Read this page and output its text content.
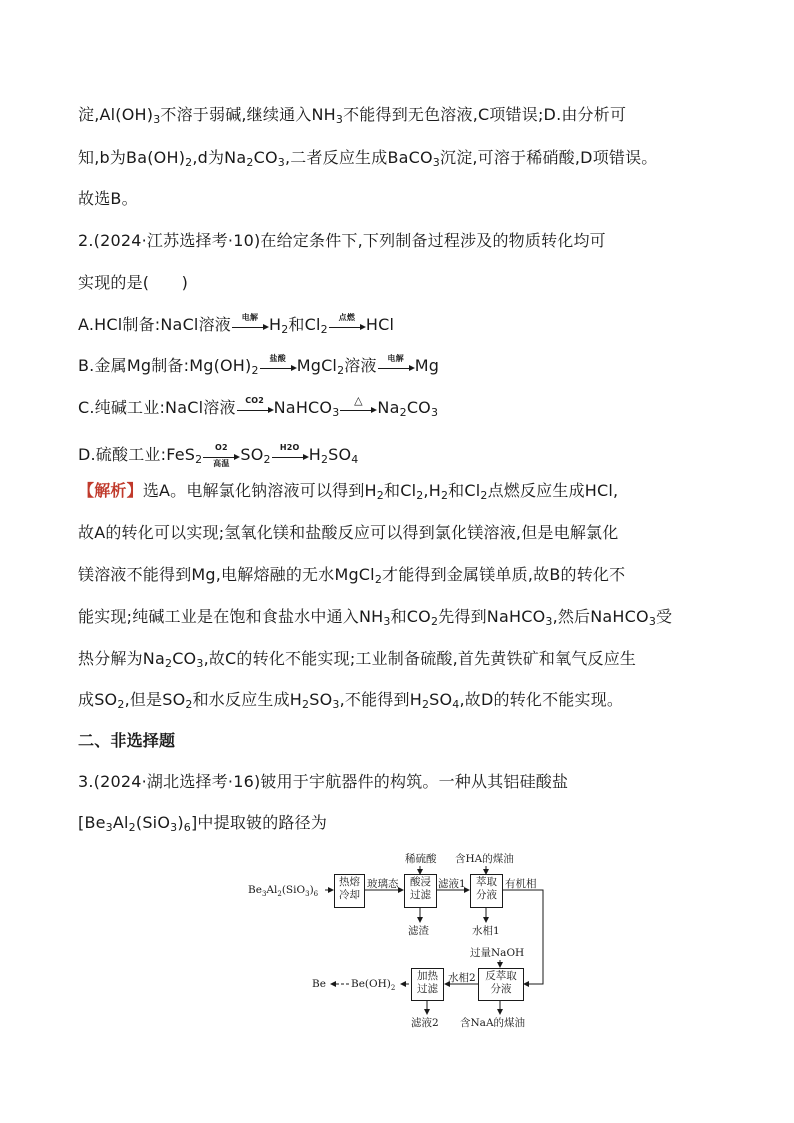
淀$,Al(OH)_3$不溶于弱碱,继续通入$NH_3$不能得到无色溶液,C项错误;D.由分析可
知,b为$Ba(OH)_2,d$为$Na_2CO_3$,二者反应生成BaCO$_3$沉淀,可溶于稀硝酸,D项错误。
故选B。
2.(2024·江苏选择考·10)在给定条件下,下列制备过程涉及的物质转化均可
实现的是(　　)
A.HCl制备:NaCl溶液	电解 $H_2$和$Cl_2$
点燃 HCl
B.金属Mg制备$:Mg(OH)_2$
盐酸 MgCl$_2$溶液	电解 Mg
C.纯碱工业:NaCl溶液	CO2 NaHCO$_3$
△ $Na_2CO_3$
D.硫酸工业:FeS$_2$
O2
高温 $SO_2$
H2O $H_2SO_4$
【解析】选A。电解氯化钠溶液可以得到$H_2$和$Cl_2,H_2$和$Cl_2$点燃反应生成HCl,
故A的转化可以实现;氢氧化镁和盐酸反应可以得到氯化镁溶液,但是电解氯化
镁溶液不能得到Mg,电解熔融的无水MgCl$_2$才能得到金属镁单质,故B的转化不
能实现;纯碱工业是在饱和食盐水中通入$NH_3$和$CO_2$先得到NaHCO$_3$,然后NaHCO$_3$受
热分解为$Na_2CO_3$,故C的转化不能实现;工业制备硫酸,首先黄铁矿和氧气反应生
成$SO_2$,但是$SO_2$和水反应生成$H_2SO_3$,不能得到$H_2SO_4$,故D的转化不能实现。
二、非选择题
3.(2024·湖北选择考·16)铍用于宇航器件的构筑。一种从其铝硅酸盐
$[Be_3Al_2(SiO_3)_6]$中提取铍的路径为
$Be_3Al_2(SiO_3)_6$
热熔
冷却
玻璃态
稀硫酸
酸浸
过滤
滤渣
滤液1
含HA的煤油
萃取
分液
有机相
水相1
过量NaOH
反萃取
分液
水相2
含NaA的煤油
加热
过滤
滤液2
$Be(OH)_2$
Be
